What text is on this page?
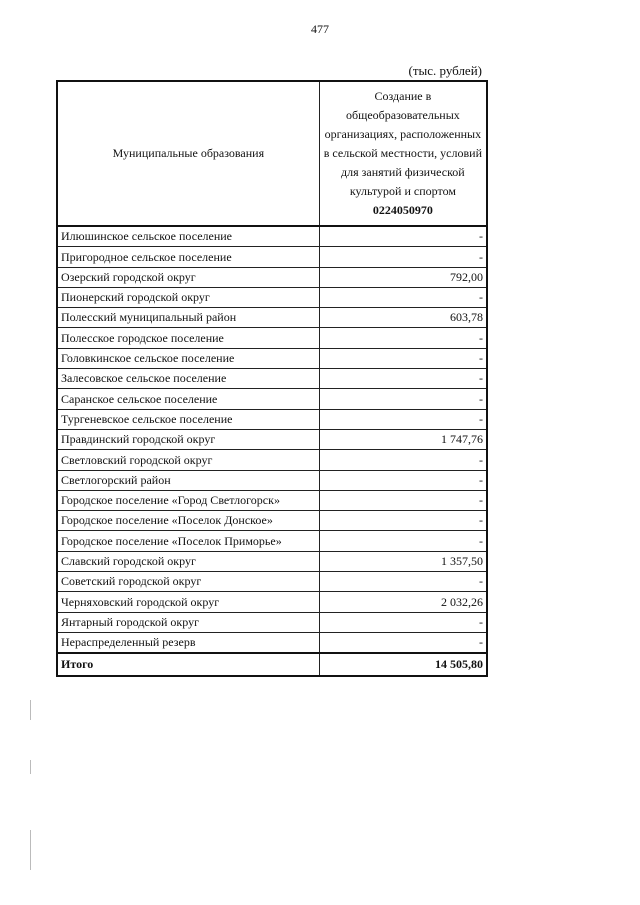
477
(тыс. рублей)
Муниципальные образования	Создание в общеобразовательных организациях, расположенных в сельской местности, условий для занятий физической культурой и спортом
0224050970

Илюшинское сельское поселение	-
Пригородное сельское поселение	-
Озерский городской округ	792,00
Пионерский городской округ	-
Полесский муниципальный район	603,78
Полесское городское поселение	-
Головкинское сельское поселение	-
Залесовское сельское поселение	-
Саранское сельское поселение	-
Тургеневское сельское поселение	-
Правдинский городской округ	1 747,76
Светловский городской округ	-
Светлогорский район	-
Городское поселение «Город Светлогорск»	-
Городское поселение «Поселок Донское»	-
Городское поселение «Поселок Приморье»	-
Славский городской округ	1 357,50
Советский городской округ	-
Черняховский городской округ	2 032,26
Янтарный городской округ	-
Нераспределенный резерв	-
Итого	14 505,80
